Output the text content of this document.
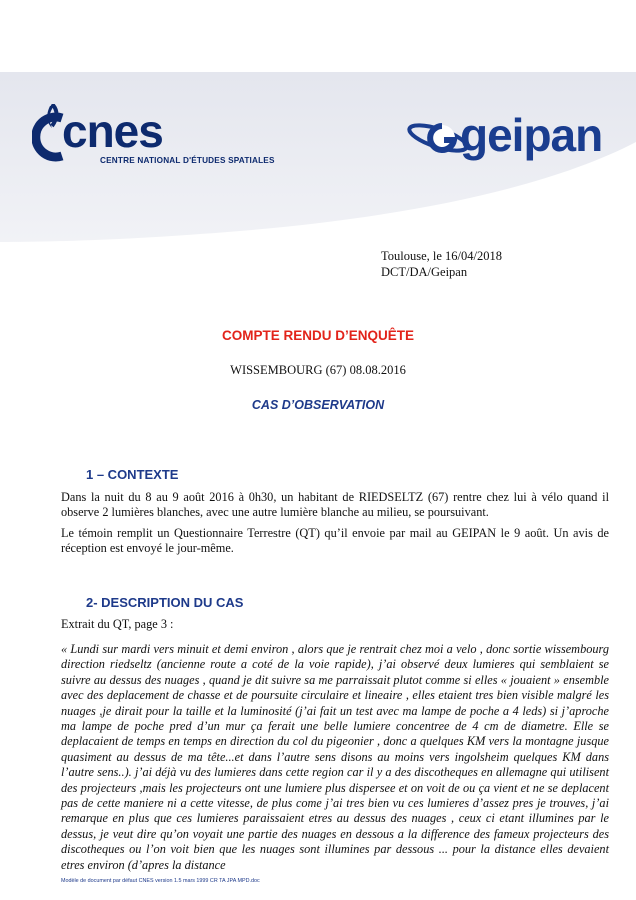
cnes
CENTRE NATIONAL D'ÉTUDES SPATIALES	geipan
Toulouse, le 16/04/2018
DCT/DA/Geipan
COMPTE RENDU D’ENQUÊTE
WISSEMBOURG (67) 08.08.2016
CAS D’OBSERVATION
1 – CONTEXTE

Dans la nuit du 8 au 9 août 2016 à 0h30, un habitant de RIEDSELTZ (67) rentre chez lui à vélo quand il observe 2 lumières blanches, avec une autre lumière blanche au milieu, se poursuivant.

Le témoin remplit un Questionnaire Terrestre (QT) qu’il envoie par mail au GEIPAN le 9 août. Un avis de réception est envoyé le jour-même.

2- DESCRIPTION DU CAS

Extrait du QT, page 3 :

« Lundi sur mardi vers minuit et demi environ , alors que je rentrait chez moi a velo , donc sortie wissembourg direction riedseltz (ancienne route a coté de la voie rapide), j’ai observé deux lumieres qui semblaient se suivre au dessus des nuages , quand je dit suivre sa me parraissait plutot comme si elles « jouaient » ensemble avec des deplacement de chasse et de poursuite circulaire et lineaire , elles etaient tres bien visible malgré les nuages ,je dirait pour la taille et la luminosité (j’ai fait un test avec ma lampe de poche a 4 leds) si j’aproche ma lampe de poche pred d’un mur ça ferait une belle lumiere concentree de 4 cm de diametre. Elle se deplacaient de temps en temps en direction du col du pigeonier , donc a quelques KM vers la montagne jusque quasiment au dessus de ma tête...et dans l’autre sens disons au moins vers ingolsheim quelques KM dans l’autre sens..). j’ai déjà vu des lumieres dans cette region car il y a des discotheques en allemagne qui utilisent des projecteurs ,mais les projecteurs ont une lumiere plus dispersee et on voit de ou ça vient et ne se deplacent pas de cette maniere ni a cette vitesse, de plus come j’ai tres bien vu ces lumieres d’assez pres je trouves, j’ai remarque en plus que ces lumieres paraissaient etres au dessus des nuages , ceux ci etant illumines par le dessus, je veut dire qu’on voyait une partie des nuages en dessous a la difference des fameux projecteurs des discotheques ou l’on voit bien que les nuages sont illumines par dessous ... pour la distance elles devaient etres environ (d’apres la distance

Modèle de document par défaut CNES version 1.5 mars 1999 CR TA JPA MPD.doc
